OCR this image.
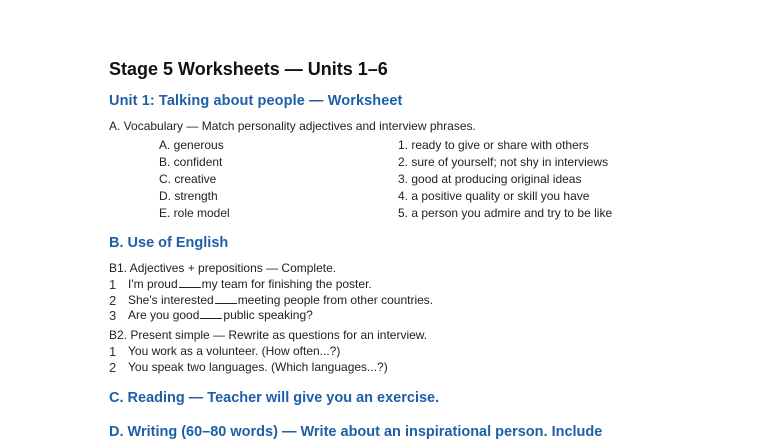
Stage 5 Worksheets — Units 1–6
Unit 1: Talking about people — Worksheet
A. Vocabulary — Match personality adjectives and interview phrases.
A. generous
B. confident
C. creative
D. strength
E. role model
1. ready to give or share with others
2. sure of yourself; not shy in interviews
3. good at producing original ideas
4. a positive quality or skill you have
5. a person you admire and try to be like
B. Use of English
B1. Adjectives + prepositions — Complete.
1 I'm proud my team for finishing the poster.
2 She's interested meeting people from other countries.
3 Are you good public speaking?
B2. Present simple — Rewrite as questions for an interview.
1 You work as a volunteer. (How often...?)
2 You speak two languages. (Which languages...?)
C. Reading — Teacher will give you an exercise.
D. Writing (60–80 words) — Write about an inspirational person. Include
